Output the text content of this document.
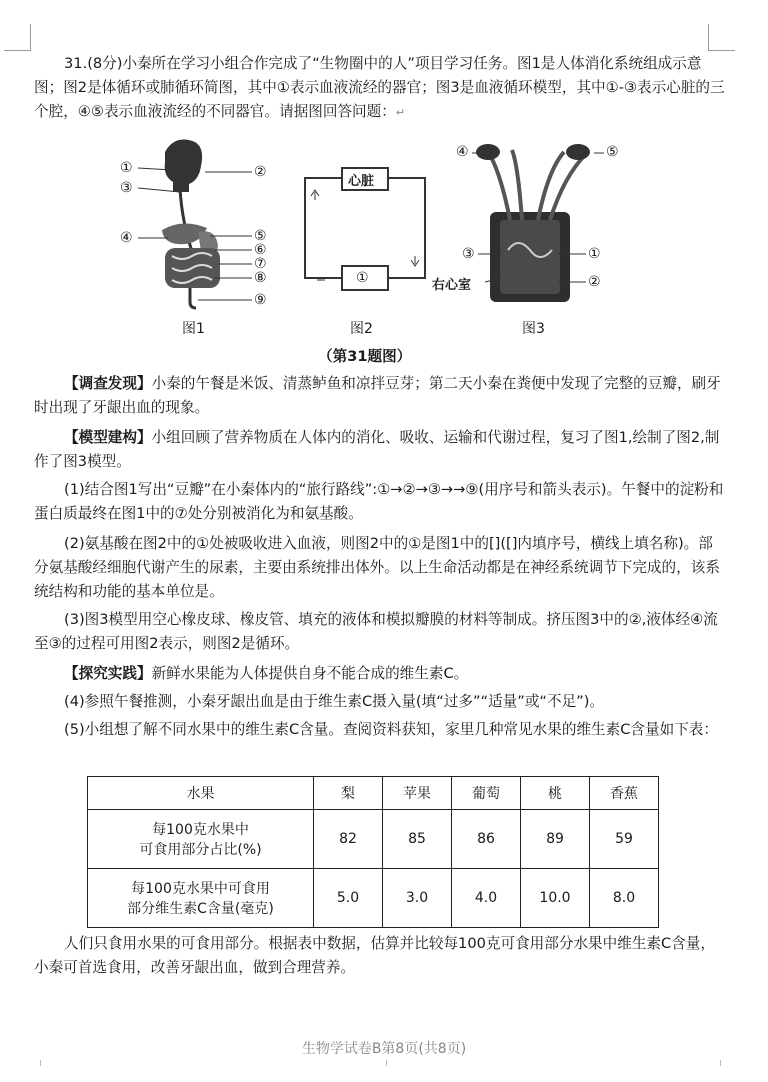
31.(8分)小秦所在学习小组合作完成了“生物圈中的人”项目学习任务。图1是人体消化系统组成示意图；图2是体循环或肺循环简图，其中①表示血液流经的器官；图3是血液循环模型，其中①-③表示心脏的三个腔，④⑤表示血液流经的不同器官。请据图回答问题：↵
①
③
④
②
⑤
⑥
⑦
⑧
⑨
心脏
①
④	⑤
③	①
②
右心室
图1	图2	图3
（第31题图）
【调查发现】小秦的午餐是米饭、清蒸鲈鱼和凉拌豆芽；第二天小秦在粪便中发现了完整的豆瓣，刷牙时出现了牙龈出血的现象。
【模型建构】小组回顾了营养物质在人体内的消化、吸收、运输和代谢过程，复习了图1,绘制了图2,制作了图3模型。
(1)结合图1写出“豆瓣”在小秦体内的“旅行路线”:①→②→③→→⑨(用序号和箭头表示)。午餐中的淀粉和蛋白质最终在图1中的⑦处分别被消化为和氨基酸。
(2)氨基酸在图2中的①处被吸收进入血液，则图2中的①是图1中的[]([]内填序号，横线上填名称)。部分氨基酸经细胞代谢产生的尿素，主要由系统排出体外。以上生命活动都是在神经系统调节下完成的，该系统结构和功能的基本单位是。
(3)图3模型用空心橡皮球、橡皮管、填充的液体和模拟瓣膜的材料等制成。挤压图3中的②,液体经④流至③的过程可用图2表示，则图2是循环。
【探究实践】新鲜水果能为人体提供自身不能合成的维生素C。
(4)参照午餐推测，小秦牙龈出血是由于维生素C摄入量(填“过多”“适量”或“不足”)。
(5)小组想了解不同水果中的维生素C含量。查阅资料获知，家里几种常见水果的维生素C含量如下表：
水果	梨	苹果	葡萄	桃	香蕉

每100克水果中
可食用部分占比(%)	82	85	86	89	59

每100克水果中可食用
部分维生素C含量(毫克)	5.0	3.0	4.0	10.0	8.0
人们只食用水果的可食用部分。根据表中数据，估算并比较每100克可食用部分水果中维生素C含量，小秦可首选食用，改善牙龈出血，做到合理营养。
生物学试卷B第8页(共8页)
